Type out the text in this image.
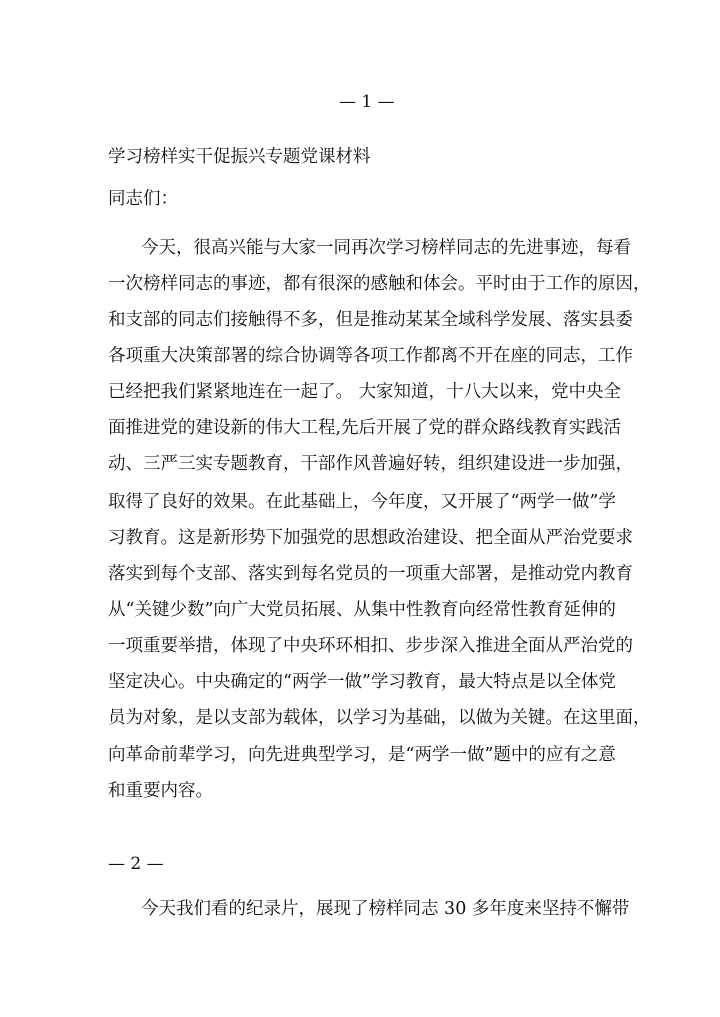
— 1 —
学习榜样实干促振兴专题党课材料
同志们：
今天，很高兴能与大家一同再次学习榜样同志的先进事迹，每看
一次榜样同志的事迹，都有很深的感触和体会。平时由于工作的原因，
和支部的同志们接触得不多，但是推动某某全域科学发展、落实县委
各项重大决策部署的综合协调等各项工作都离不开在座的同志，工作
已经把我们紧紧地连在一起了。 大家知道，十八大以来，党中央全
面推进党的建设新的伟大工程,先后开展了党的群众路线教育实践活
动、三严三实专题教育，干部作风普遍好转，组织建设进一步加强，
取得了良好的效果。在此基础上，今年度，又开展了“两学一做”学
习教育。这是新形势下加强党的思想政治建设、把全面从严治党要求
落实到每个支部、落实到每名党员的一项重大部署，是推动党内教育
从“关键少数”向广大党员拓展、从集中性教育向经常性教育延伸的
一项重要举措，体现了中央环环相扣、步步深入推进全面从严治党的
坚定决心。中央确定的“两学一做”学习教育，最大特点是以全体党
员为对象，是以支部为载体，以学习为基础，以做为关键。在这里面，
向革命前辈学习，向先进典型学习，是“两学一做”题中的应有之意
和重要内容。
— 2 —
今天我们看的纪录片，展现了榜样同志 30 多年度来坚持不懈带
